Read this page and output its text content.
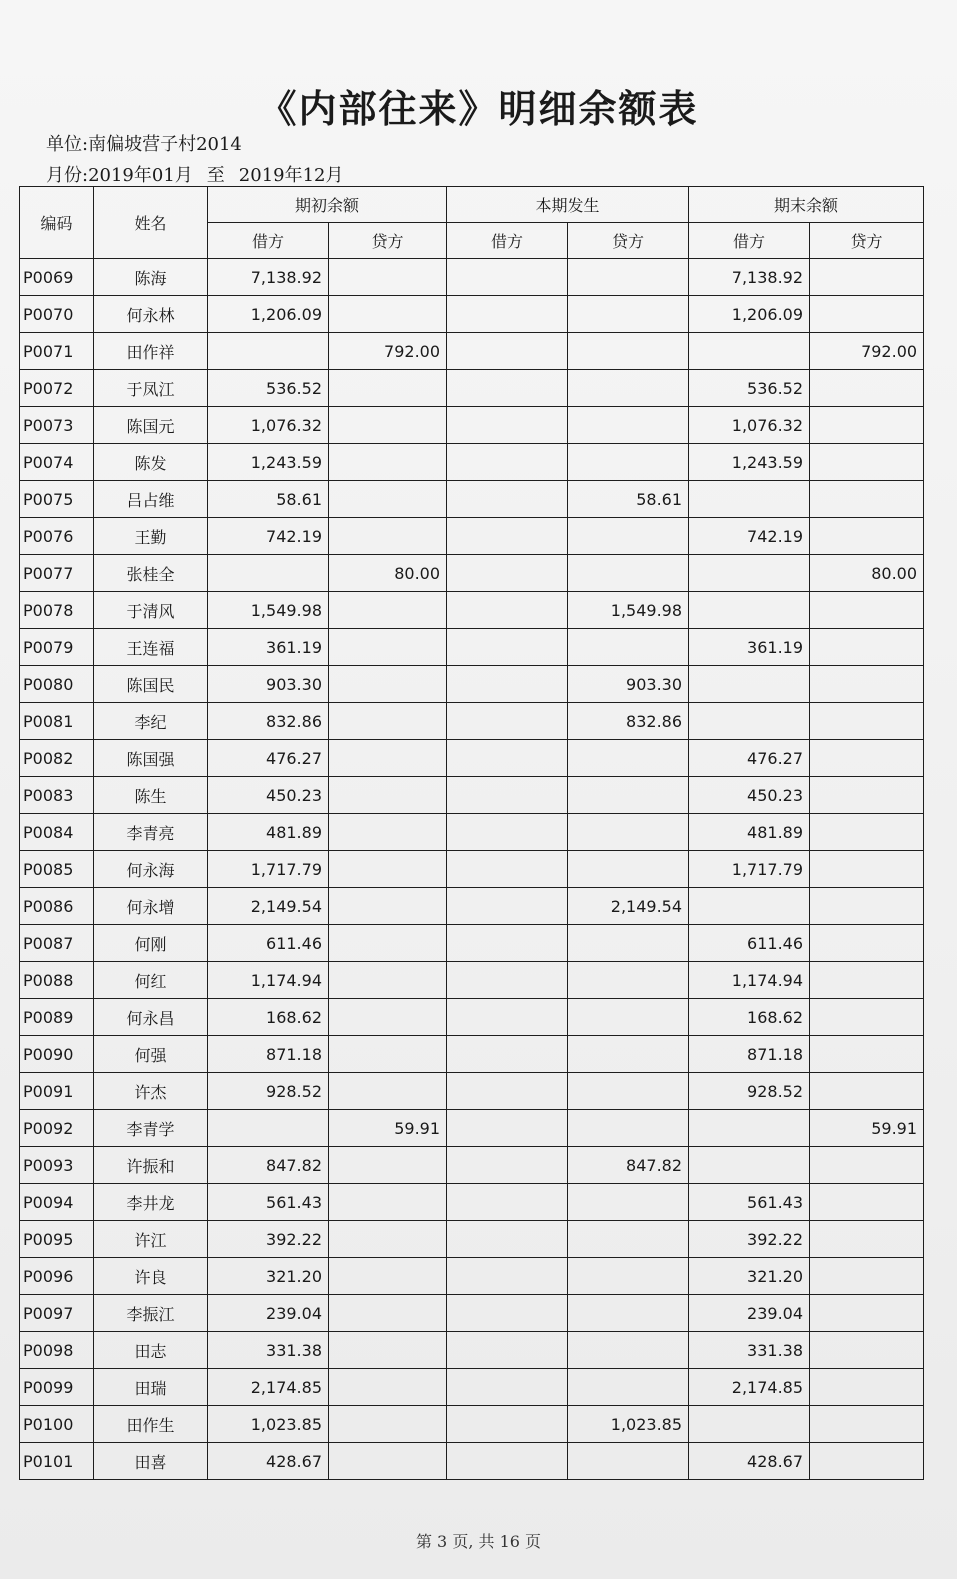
《内部往来》明细余额表
单位:南偏坡营子村2014
月份:2019年01月 至 2019年12月
编码	姓名	期初余额		本期发生		期末余额	
		借方	贷方	借方	贷方	借方	贷方
P0069	陈海	7,138.92				7,138.92	
P0070	何永林	1,206.09				1,206.09	
P0071	田作祥		792.00				792.00
P0072	于凤江	536.52				536.52	
P0073	陈国元	1,076.32				1,076.32	
P0074	陈发	1,243.59				1,243.59	
P0075	吕占维	58.61			58.61		
P0076	王勤	742.19				742.19	
P0077	张桂全		80.00				80.00
P0078	于清风	1,549.98			1,549.98		
P0079	王连福	361.19				361.19	
P0080	陈国民	903.30			903.30		
P0081	李纪	832.86			832.86		
P0082	陈国强	476.27				476.27	
P0083	陈生	450.23				450.23	
P0084	李青亮	481.89				481.89	
P0085	何永海	1,717.79				1,717.79	
P0086	何永增	2,149.54			2,149.54		
P0087	何刚	611.46				611.46	
P0088	何红	1,174.94				1,174.94	
P0089	何永昌	168.62				168.62	
P0090	何强	871.18				871.18	
P0091	许杰	928.52				928.52	
P0092	李青学		59.91				59.91
P0093	许振和	847.82			847.82		
P0094	李井龙	561.43				561.43	
P0095	许江	392.22				392.22	
P0096	许良	321.20				321.20	
P0097	李振江	239.04				239.04	
P0098	田志	331.38				331.38	
P0099	田瑞	2,174.85				2,174.85	
P0100	田作生	1,023.85			1,023.85		
P0101	田喜	428.67				428.67	
第 3 页, 共 16 页
